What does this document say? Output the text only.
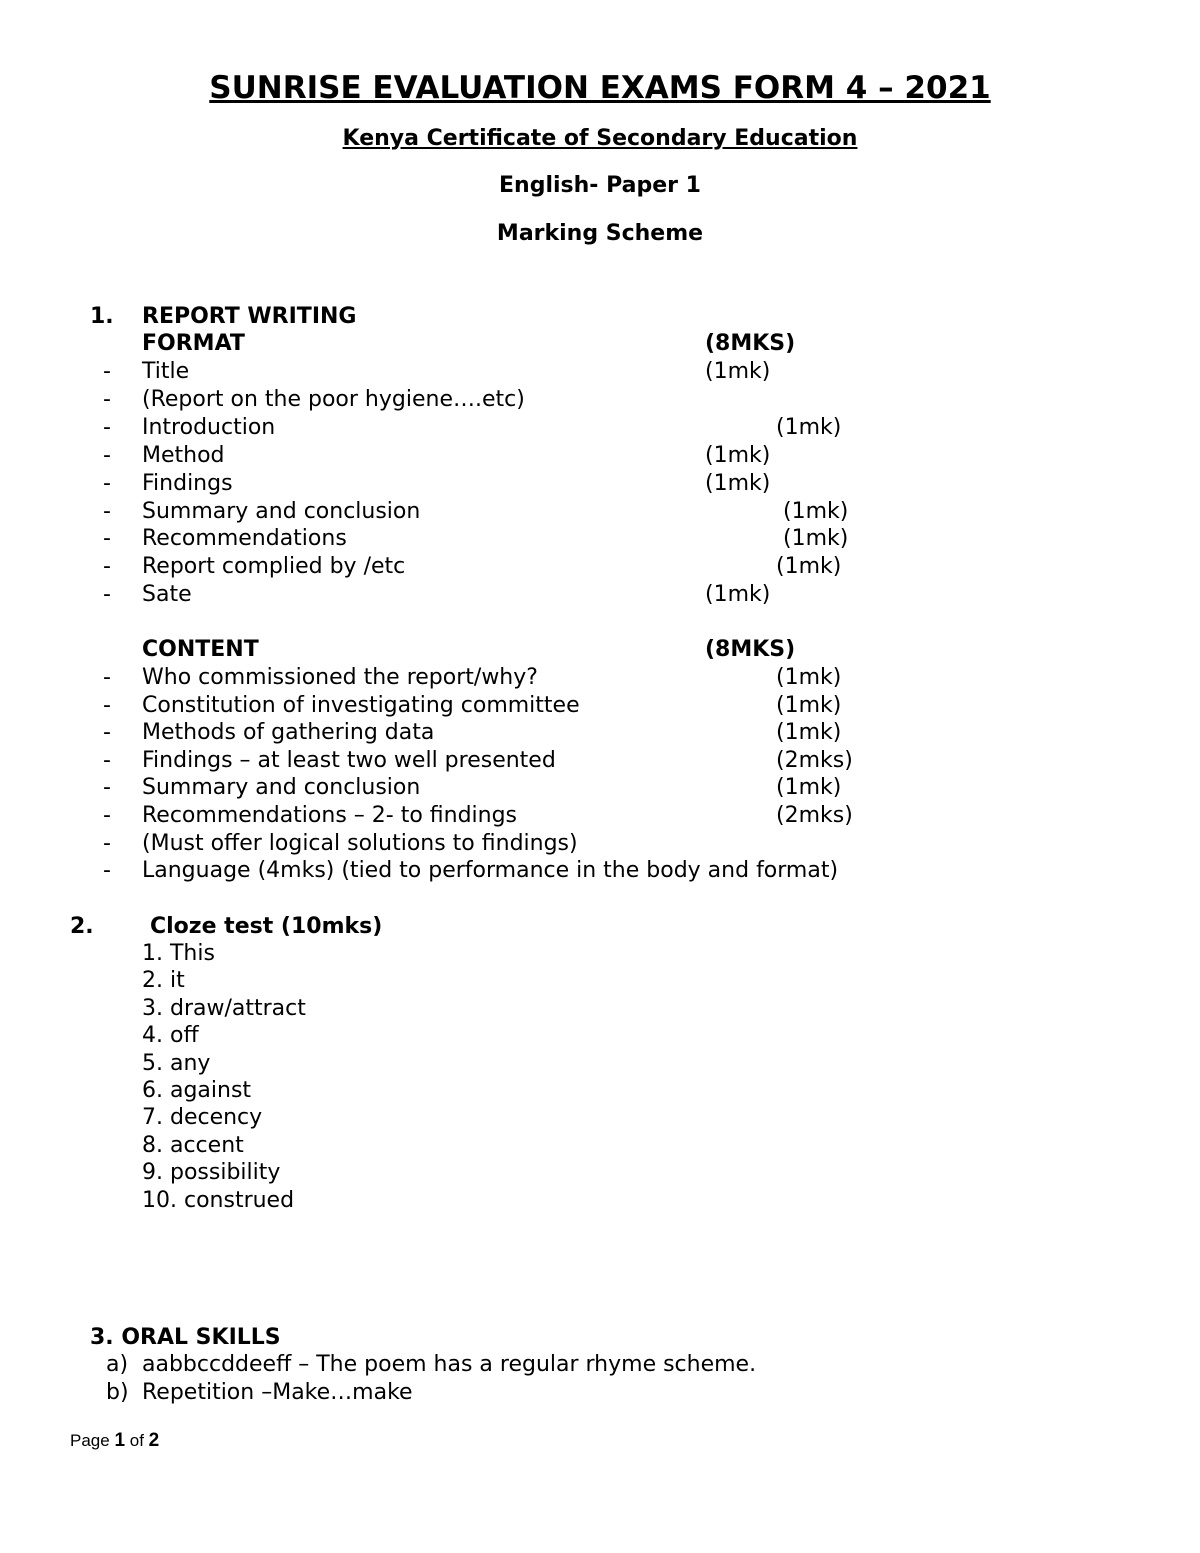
SUNRISE EVALUATION EXAMS FORM 4 – 2021
Kenya Certificate of Secondary Education
English- Paper 1
Marking Scheme
1. REPORT WRITING
FORMAT	(8MKS)
- Title	(1mk)
- (Report on the poor hygiene….etc)
- Introduction	(1mk)
- Method	(1mk)
- Findings	(1mk)
- Summary and conclusion	(1mk)
- Recommendations	(1mk)
- Report complied by /etc	(1mk)
- Sate	(1mk)
CONTENT	(8MKS)
- Who commissioned the report/why?	(1mk)
- Constitution of investigating committee	(1mk)
- Methods of gathering data	(1mk)
- Findings – at least two well presented	(2mks)
- Summary and conclusion	(1mk)
- Recommendations – 2- to findings	(2mks)
- (Must offer logical solutions to findings)
- Language (4mks) (tied to performance in the body and format)
2.	Cloze test (10mks)
1. This
2. it
3. draw/attract
4. off
5. any
6. against
7. decency
8. accent
9. possibility
10. construed
3. ORAL SKILLS
a) aabbccddeeff – The poem has a regular rhyme scheme.
b) Repetition –Make…make
Page 1 of 2
